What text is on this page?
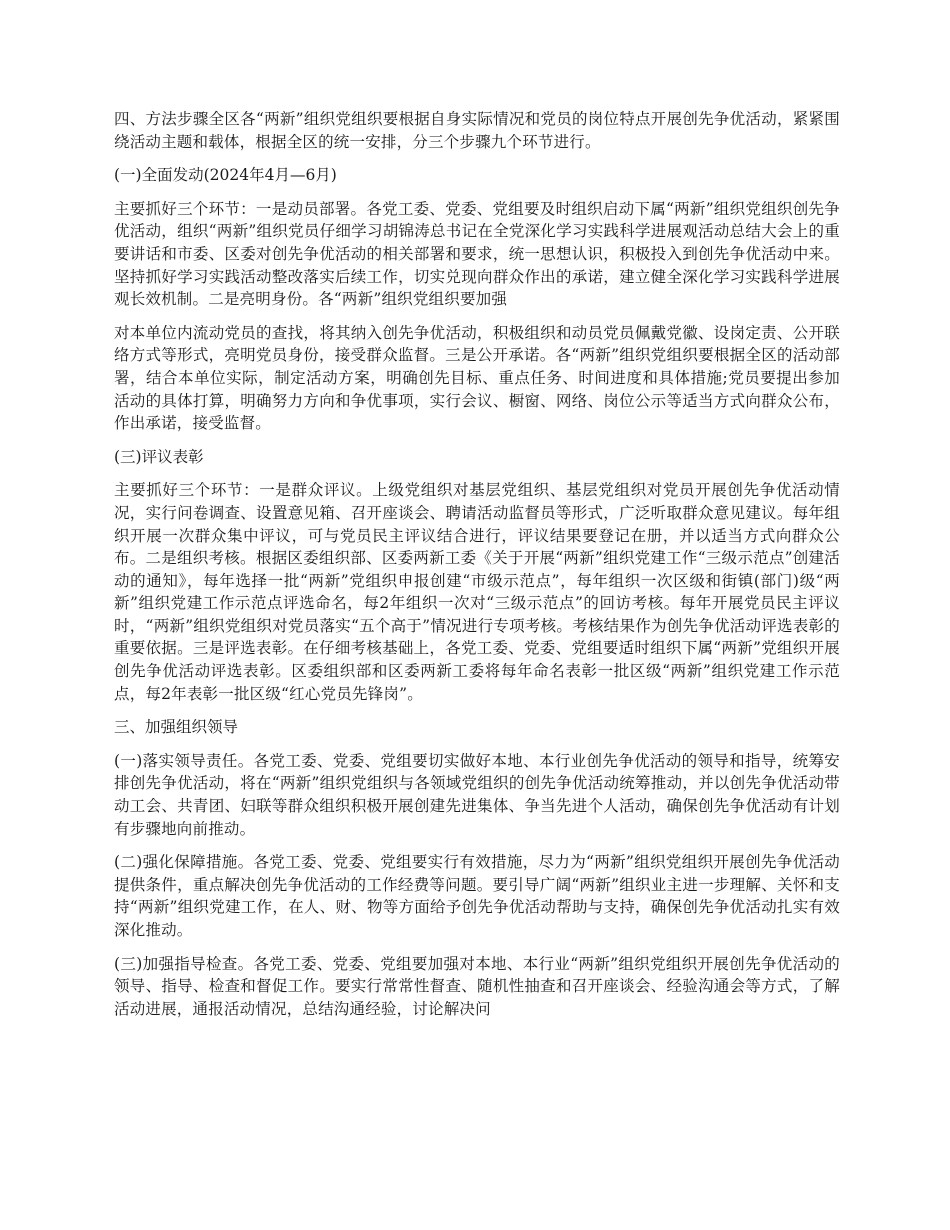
四、方法步骤全区各“两新”组织党组织要根据自身实际情况和党员的岗位特点开展创先争优活动，紧紧围绕活动主题和载体，根据全区的统一安排，分三个步骤九个环节进行。

(一)全面发动(2024年4月—6月)

主要抓好三个环节：一是动员部署。各党工委、党委、党组要及时组织启动下属“两新”组织党组织创先争优活动，组织“两新”组织党员仔细学习胡锦涛总书记在全党深化学习实践科学进展观活动总结大会上的重要讲话和市委、区委对创先争优活动的相关部署和要求，统一思想认识，积极投入到创先争优活动中来。坚持抓好学习实践活动整改落实后续工作，切实兑现向群众作出的承诺，建立健全深化学习实践科学进展观长效机制。二是亮明身份。各“两新”组织党组织要加强

对本单位内流动党员的查找，将其纳入创先争优活动，积极组织和动员党员佩戴党徽、设岗定责、公开联络方式等形式，亮明党员身份，接受群众监督。三是公开承诺。各“两新”组织党组织要根据全区的活动部署，结合本单位实际，制定活动方案，明确创先目标、重点任务、时间进度和具体措施;党员要提出参加活动的具体打算，明确努力方向和争优事项，实行会议、橱窗、网络、岗位公示等适当方式向群众公布，作出承诺，接受监督。

(三)评议表彰

主要抓好三个环节：一是群众评议。上级党组织对基层党组织、基层党组织对党员开展创先争优活动情况，实行问卷调查、设置意见箱、召开座谈会、聘请活动监督员等形式，广泛听取群众意见建议。每年组织开展一次群众集中评议，可与党员民主评议结合进行，评议结果要登记在册，并以适当方式向群众公布。二是组织考核。根据区委组织部、区委两新工委《关于开展“两新”组织党建工作“三级示范点”创建活动的通知》，每年选择一批“两新”党组织申报创建“市级示范点”，每年组织一次区级和街镇(部门)级“两新”组织党建工作示范点评选命名，每2年组织一次对“三级示范点”的回访考核。每年开展党员民主评议时，“两新”组织党组织对党员落实“五个高于”情况进行专项考核。考核结果作为创先争优活动评选表彰的重要依据。三是评选表彰。在仔细考核基础上，各党工委、党委、党组要适时组织下属“两新”党组织开展创先争优活动评选表彰。区委组织部和区委两新工委将每年命名表彰一批区级“两新”组织党建工作示范点，每2年表彰一批区级“红心党员先锋岗”。

三、加强组织领导

(一)落实领导责任。各党工委、党委、党组要切实做好本地、本行业创先争优活动的领导和指导，统筹安排创先争优活动，将在“两新”组织党组织与各领域党组织的创先争优活动统筹推动，并以创先争优活动带动工会、共青团、妇联等群众组织积极开展创建先进集体、争当先进个人活动，确保创先争优活动有计划有步骤地向前推动。

(二)强化保障措施。各党工委、党委、党组要实行有效措施，尽力为“两新”组织党组织开展创先争优活动提供条件，重点解决创先争优活动的工作经费等问题。要引导广阔“两新”组织业主进一步理解、关怀和支持“两新”组织党建工作，在人、财、物等方面给予创先争优活动帮助与支持，确保创先争优活动扎实有效深化推动。

(三)加强指导检查。各党工委、党委、党组要加强对本地、本行业“两新”组织党组织开展创先争优活动的领导、指导、检查和督促工作。要实行常常性督查、随机性抽查和召开座谈会、经验沟通会等方式，了解活动进展，通报活动情况，总结沟通经验，讨论解决问
